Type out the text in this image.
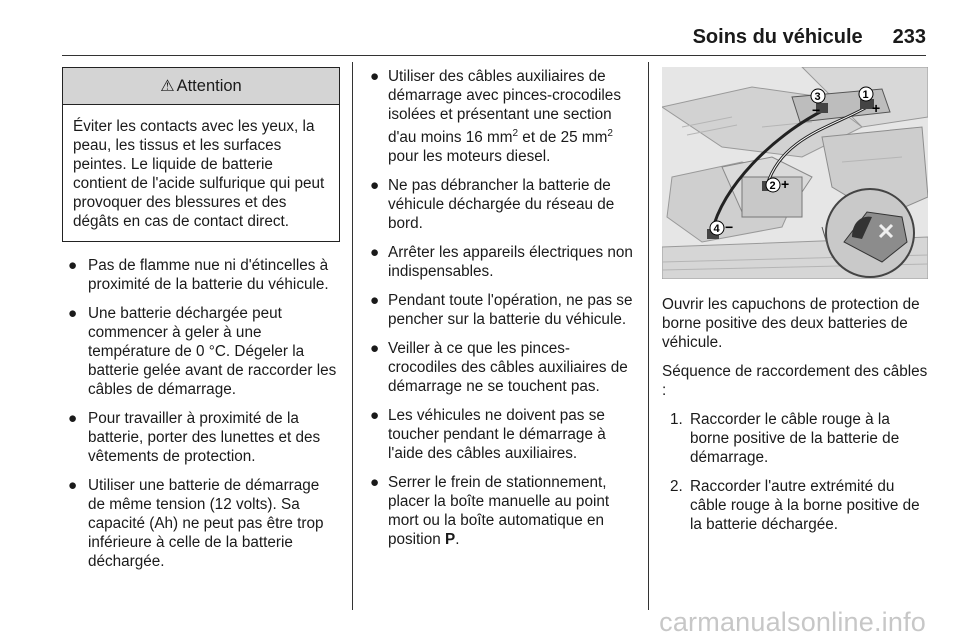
Soins du véhicule 233
⚠ Attention
Éviter les contacts avec les yeux, la peau, les tissus et les surfaces peintes. Le liquide de batterie contient de l'acide sulfurique qui peut provoquer des blessures et des dégâts en cas de contact direct.
● Pas de flamme nue ni d'étincelles à proximité de la batterie du véhicule.
● Une batterie déchargée peut commencer à geler à une température de 0 °C. Dégeler la batterie gelée avant de raccorder les câbles de démarrage.
● Pour travailler à proximité de la batterie, porter des lunettes et des vêtements de protection.
● Utiliser une batterie de démarrage de même tension (12 volts). Sa capacité (Ah) ne peut pas être trop inférieure à celle de la batterie déchargée.
● Utiliser des câbles auxiliaires de démarrage avec pinces-crocodiles isolées et présentant une section d'au moins 16 $mm^2$ et de 25 $mm^2$ pour les moteurs diesel.
● Ne pas débrancher la batterie de véhicule déchargée du réseau de bord.
● Arrêter les appareils électriques non indispensables.
● Pendant toute l'opération, ne pas se pencher sur la batterie du véhicule.
● Veiller à ce que les pinces-crocodiles des câbles auxiliaires de démarrage ne se touchent pas.
● Les véhicules ne doivent pas se toucher pendant le démarrage à l'aide des câbles auxiliaires.
● Serrer le frein de stationnement, placer la boîte manuelle au point mort ou la boîte automatique en position P.
1
+
3
−
2 +
4 −

Ouvrir les capuchons de protection de borne positive des deux batteries de véhicule.

Séquence de raccordement des câbles :

1. Raccorder le câble rouge à la borne positive de la batterie de démarrage.
2. Raccorder l'autre extrémité du câble rouge à la borne positive de la batterie déchargée.
carmanualsonline.info
